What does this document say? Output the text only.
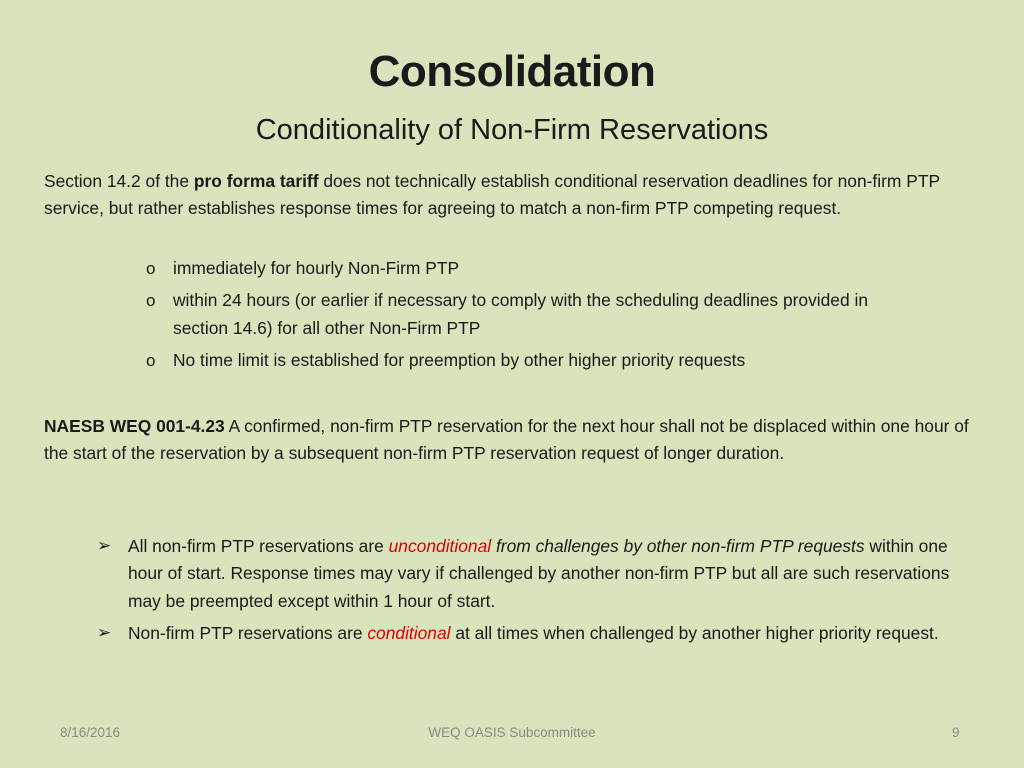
Consolidation
Conditionality of Non-Firm Reservations
Section 14.2 of the pro forma tariff does not technically establish conditional reservation deadlines for non-firm PTP service, but rather establishes response times for agreeing to match a non-firm PTP competing request.
o immediately for hourly Non-Firm PTP
o within 24 hours (or earlier if necessary to comply with the scheduling deadlines provided in section 14.6) for all other Non-Firm PTP
o No time limit is established for preemption by other higher priority requests
NAESB WEQ 001-4.23 A confirmed, non-firm PTP reservation for the next hour shall not be displaced within one hour of the start of the reservation by a subsequent non-firm PTP reservation request of longer duration.
➢ All non-firm PTP reservations are unconditional from challenges by other non-firm PTP requests within one hour of start. Response times may vary if challenged by another non-firm PTP but all are such reservations may be preempted except within 1 hour of start.
➢ Non-firm PTP reservations are conditional at all times when challenged by another higher priority request.
8/16/2016	WEQ OASIS Subcommittee	9
